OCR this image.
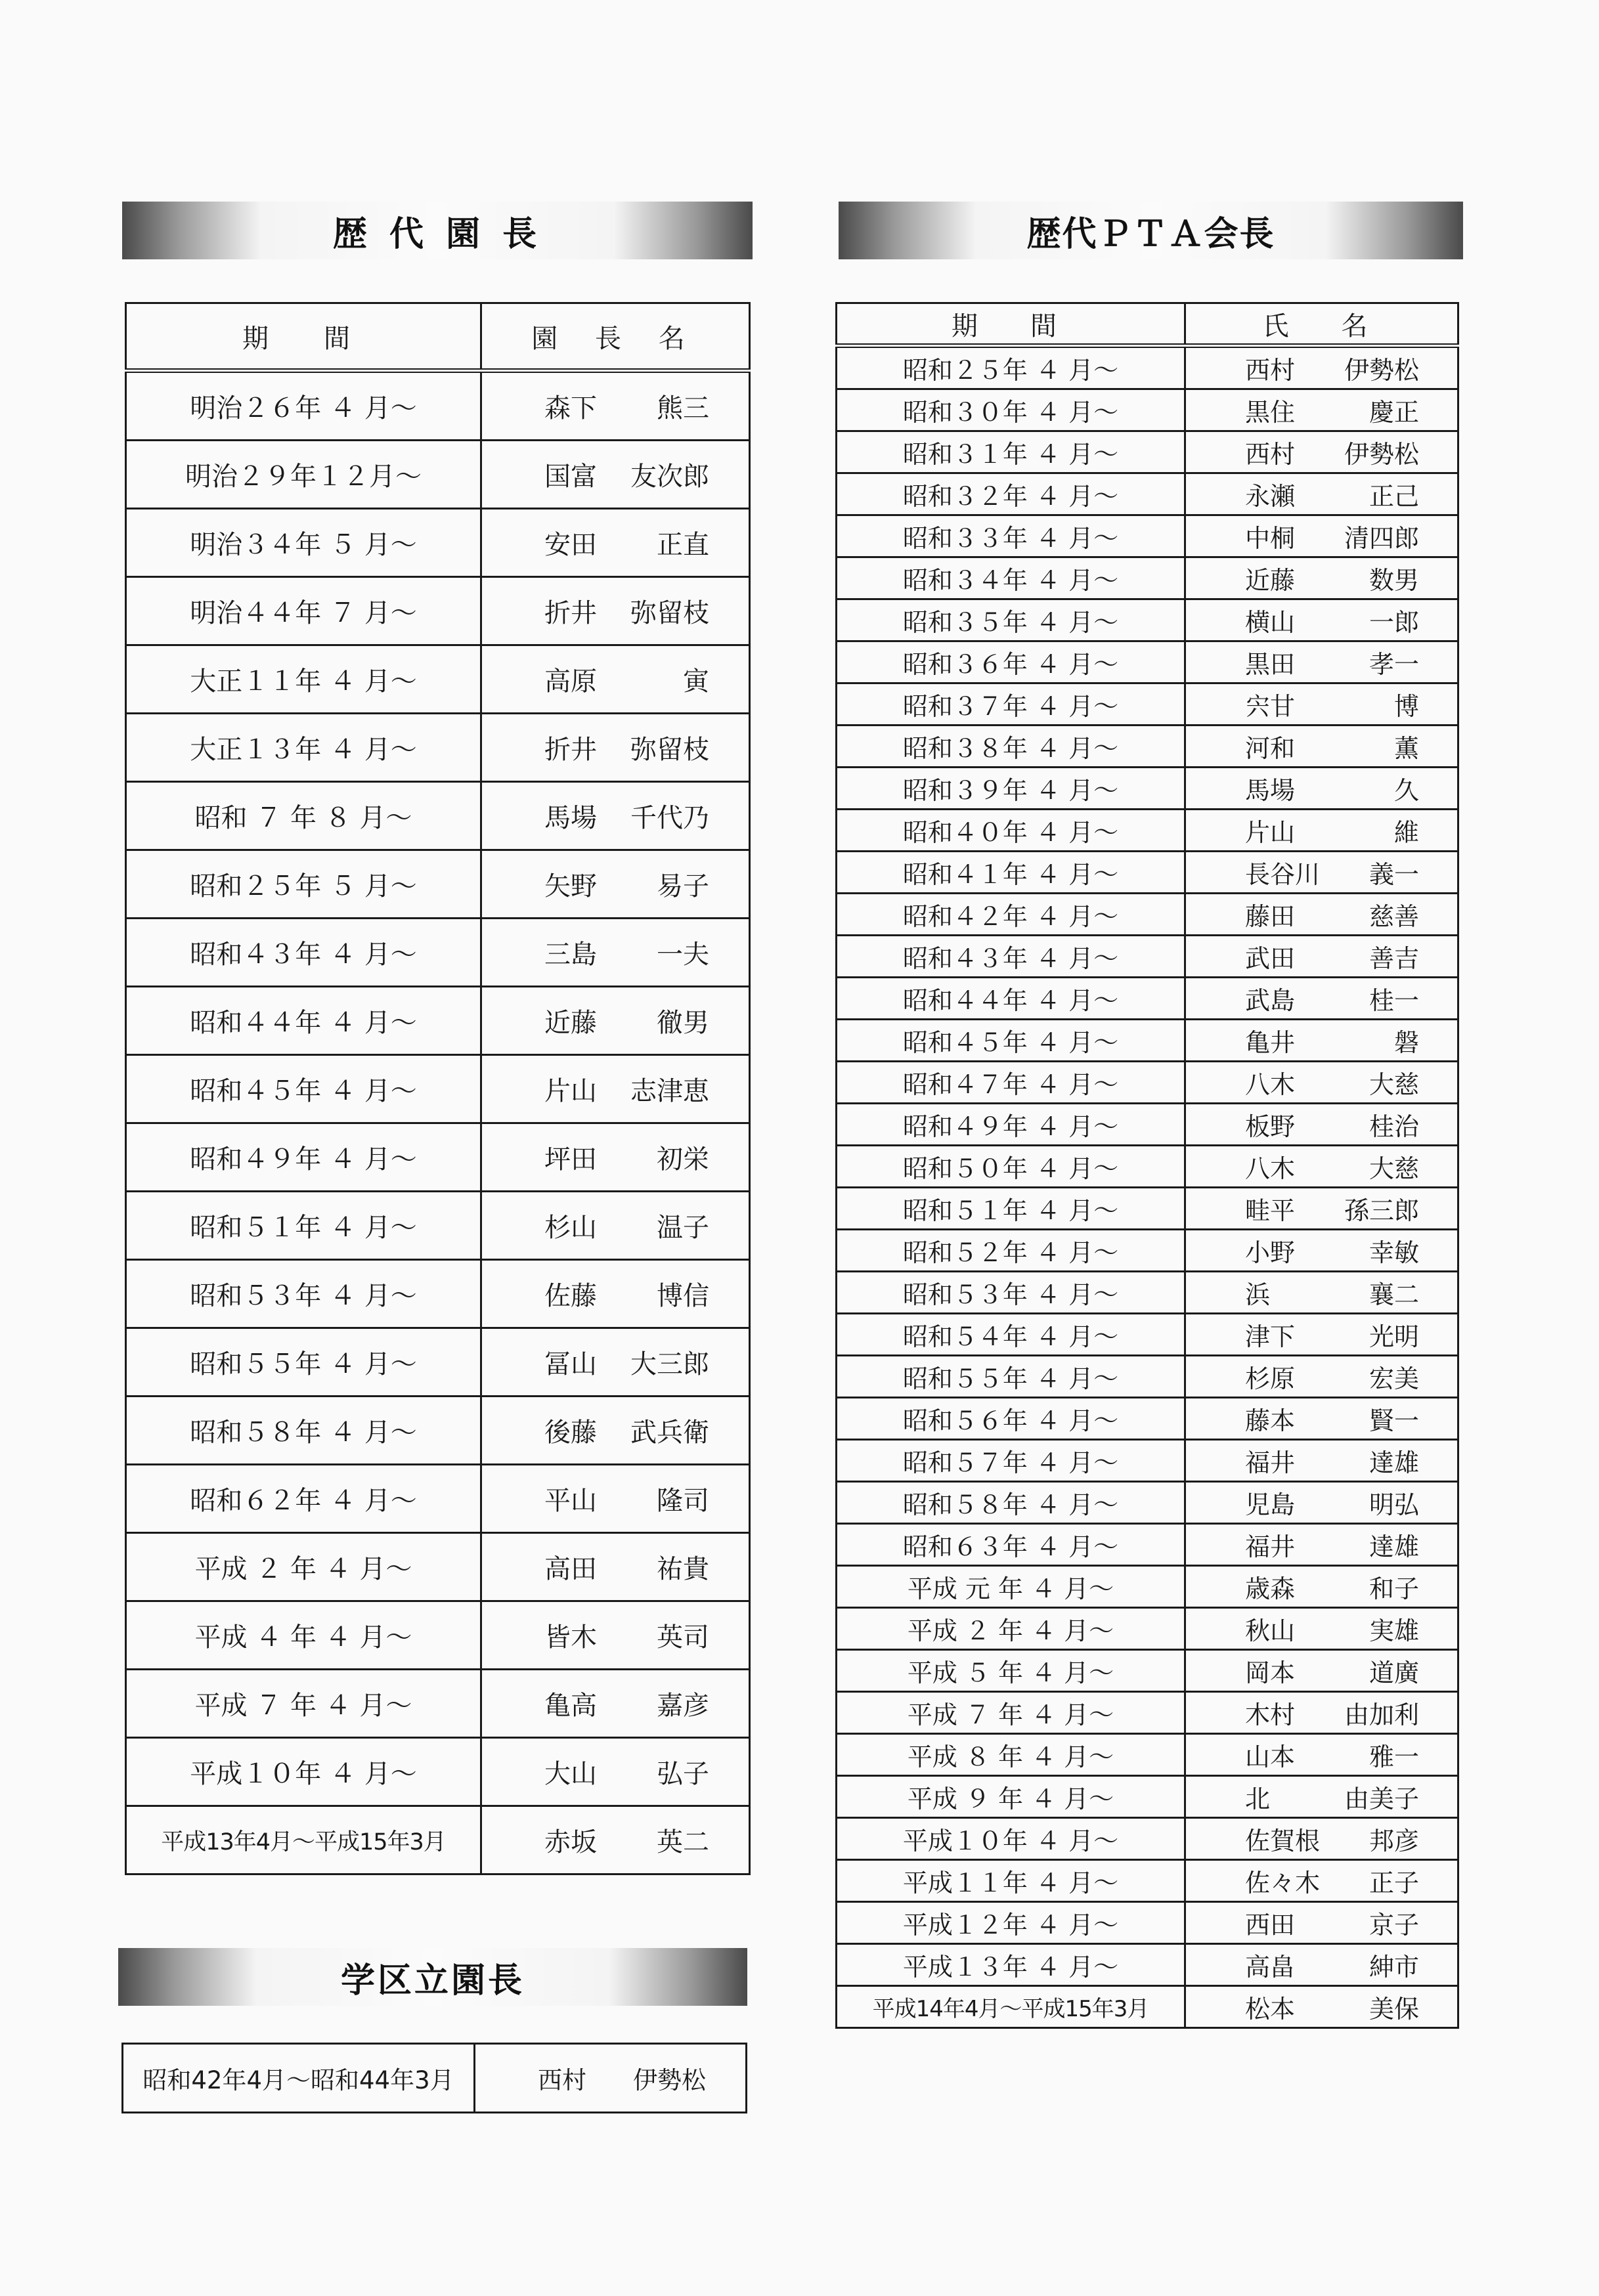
歴 代 園 長
期　間	園 長 名
明治２６年 ４ 月～	森下 熊三

明治２９年１２月～	国富 友次郎

明治３４年 ５ 月～	安田 正直

明治４４年 ７ 月～	折井 弥留枝

大正１１年 ４ 月～	高原 寅

大正１３年 ４ 月～	折井 弥留枝

昭和 ７ 年 ８ 月～	馬場 千代乃

昭和２５年 ５ 月～	矢野 易子

昭和４３年 ４ 月～	三島 一夫

昭和４４年 ４ 月～	近藤 徹男

昭和４５年 ４ 月～	片山 志津恵

昭和４９年 ４ 月～	坪田 初栄

昭和５１年 ４ 月～	杉山 温子

昭和５３年 ４ 月～	佐藤 博信

昭和５５年 ４ 月～	冨山 大三郎

昭和５８年 ４ 月～	後藤 武兵衛

昭和６２年 ４ 月～	平山 隆司

平成 ２ 年 ４ 月～	高田 祐貴

平成 ４ 年 ４ 月～	皆木 英司

平成 ７ 年 ４ 月～	亀高 嘉彦

平成１０年 ４ 月～	大山 弘子

平成13年4月～平成15年3月	赤坂 英二
学区立園長
昭和42年4月～昭和44年3月	西村 伊勢松
歴代ＰＴＡ会長
期　間	氏　名
昭和２５年 ４ 月～	西村 伊勢松

昭和３０年 ４ 月～	黒住 慶正

昭和３１年 ４ 月～	西村 伊勢松

昭和３２年 ４ 月～	永瀬 正己

昭和３３年 ４ 月～	中桐 清四郎

昭和３４年 ４ 月～	近藤 数男

昭和３５年 ４ 月～	横山 一郎

昭和３６年 ４ 月～	黒田 孝一

昭和３７年 ４ 月～	宍甘 博

昭和３８年 ４ 月～	河和 薫

昭和３９年 ４ 月～	馬場 久

昭和４０年 ４ 月～	片山 維

昭和４１年 ４ 月～	長谷川 義一

昭和４２年 ４ 月～	藤田 慈善

昭和４３年 ４ 月～	武田 善吉

昭和４４年 ４ 月～	武島 桂一

昭和４５年 ４ 月～	亀井 磐

昭和４７年 ４ 月～	八木 大慈

昭和４９年 ４ 月～	板野 桂治

昭和５０年 ４ 月～	八木 大慈

昭和５１年 ４ 月～	畦平 孫三郎

昭和５２年 ４ 月～	小野 幸敏

昭和５３年 ４ 月～	浜 襄二

昭和５４年 ４ 月～	津下 光明

昭和５５年 ４ 月～	杉原 宏美

昭和５６年 ４ 月～	藤本 賢一

昭和５７年 ４ 月～	福井 達雄

昭和５８年 ４ 月～	児島 明弘

昭和６３年 ４ 月～	福井 達雄

平成 元 年 ４ 月～	歳森 和子

平成 ２ 年 ４ 月～	秋山 実雄

平成 ５ 年 ４ 月～	岡本 道廣

平成 ７ 年 ４ 月～	木村 由加利

平成 ８ 年 ４ 月～	山本 雅一

平成 ９ 年 ４ 月～	北 由美子

平成１０年 ４ 月～	佐賀根 邦彦

平成１１年 ４ 月～	佐々木 正子

平成１２年 ４ 月～	西田 京子

平成１３年 ４ 月～	高畠 紳市

平成14年4月～平成15年3月	松本 美保
